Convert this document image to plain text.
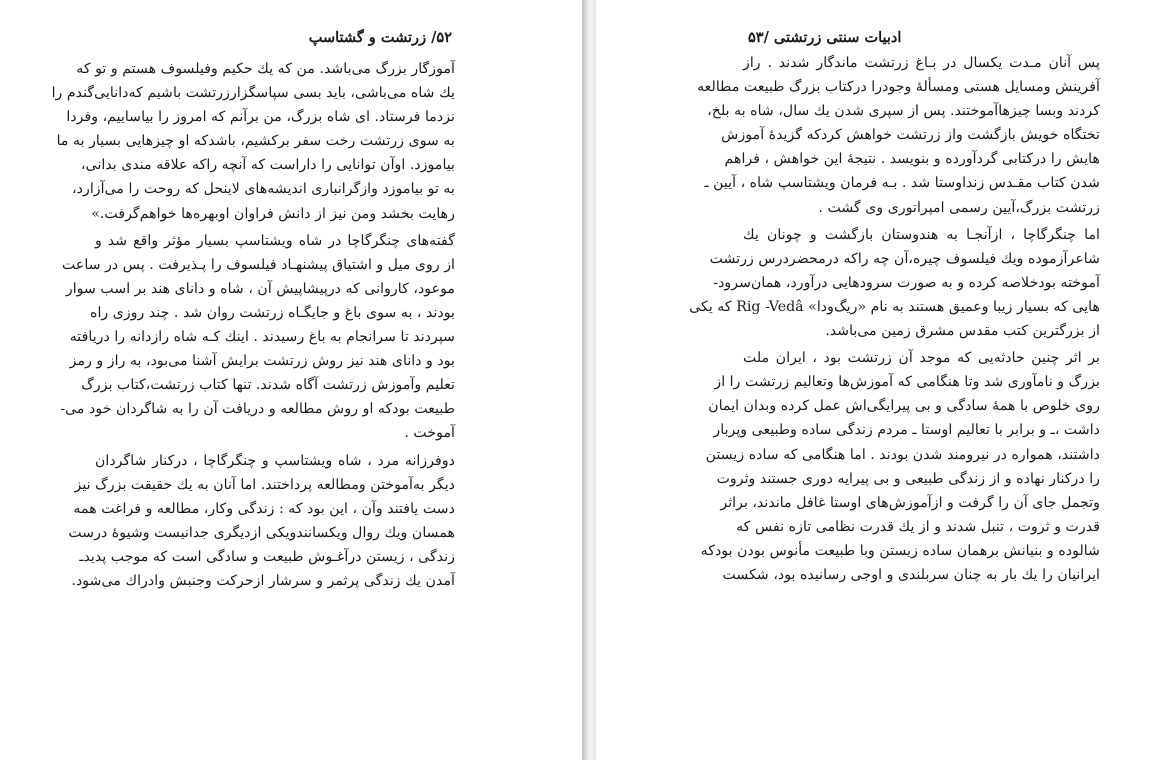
۵۲/ زرتشت و گشتاسپ	ادبیات سنتی زرتشتی /۵۳
آموزگار بزرگ می‌باشد. من که یك حکیم وفیلسوف هستم و تو که
یك شاه می‌باشی، باید بسی سپاسگزارزرتشت باشیم که‌دانایی‌گندم را
نزدما فرستاد. ای شاه بزرگ، من برآنم که امروز را بیاساییم، وفردا
به سوی زرتشت رخت سفر برکشیم، باشدکه او چیزهایی بسیار به ما
بیاموزد. اوآن توانایی را داراست که آنچه راکه علاقه مندی بدانی،
به تو بیاموزد وازگرانباری اندیشه‌های لاینحل که روحت را می‌آزارد،
رهایت بخشد ومن نیز از دانش فراوان اوبهره‌ها خواهم‌گرفت.»
گفته‌های چنگرگاچا در شاه ویشتاسپ بسیار مؤثر واقع شد و
از روی میل و اشتیاق پیشنهـاد فیلسوف را پـذیرفت . پس در ساعت
موعود، کاروانی که درپیشاپیش آن ، شاه و دانای هند بر اسب سوار
بودند ، به سوی باغ و جایگـاه زرتشت روان شد . چند روزی راه
سپردند تا سرانجام به باغ رسیدند . اینك کـه شاه رازدانه را دریافته
بود و دانای هند نیز روش زرتشت برایش آشنا می‌بود، به راز و رمز
تعلیم وآموزش زرتشت آگاه شدند. تنها کتاب زرتشت،کتاب بزرگ
طبیعت بودکه او روش مطالعه و دریافت آن را به شاگردان خود می-
آموخت .
دوفرزانه مرد ، شاه ویشتاسپ و چنگرگاچا ، درکنار شاگردان
دیگر به‌آموختن ومطالعه پرداختند. اما آنان به یك حقیقت بزرگ نیز
دست یافتند وآن ، این بود که : زندگی وکار، مطالعه و فراغت همه
همسان ویك روال ویکسانندویکی ازدیگری جدانیست وشیوهٔ درست
زندگی ، زیستن درآغـوش طبیعت و سادگی است که موجب پدیدـ
آمدن یك زندگی پرثمر و سرشار ازحرکت وجنبش وادراك می‌شود.
پس آنان مـدت یکسال در بـاغ زرتشت ماندگار شدند . راز
آفرینش ومسایل هستی ومسألهٔ وجودرا درکتاب بزرگ طبیعت مطالعه
کردند وبسا چیزهاآموختند. پس از سپری شدن یك سال، شاه به بلخ،
تختگاه خویش بازگشت واز زرتشت خواهش کردکه گزیدهٔ آموزش
هایش را درکتابی گردآورده و بنویسد . نتیجهٔ این خواهش ، فراهم
شدن کتاب مقـدس زنداوستا شد . بـه فرمان ویشتاسپ شاه ، آیین ـ
زرتشت بزرگ،آیین رسمی امپراتوری وی گشت .
اما چنگرگاچا ، ازآنجـا به هندوستان بازگشت و چونان یك
شاعرآزموده ویك فیلسوف چیره،آن چه راکه درمحضردرس زرتشت
آموخته بودخلاصه کرده و به صورت سرودهایی درآورد، همان‌سرود-
هایی که بسیار زیبا وعمیق هستند به نام «ریگ‌ودا» Rig -Vedâ که یکی
از بزرگترین کتب مقدس مشرق زمین می‌باشد.
بر اثر چنین حادثه‌یی که موجد آن زرتشت بود ، ایران ملت
بزرگ و نامآوری شد وتا هنگامی که آموزش‌ها وتعالیم زرتشت را از
روی خلوص با همهٔ سادگی و بی پیرایگی‌اش عمل کرده وبدان ایمان
داشت ،ـ و برابر با تعالیم اوستا ـ مردم زندگی ساده وطبیعی وپربار
داشتند، همواره در نیرومند شدن بودند . اما هنگامی که ساده زیستن
را درکنار نهاده و از زندگی طبیعی و بی پیرایه دوری جستند وثروت
وتجمل جای آن را گرفت و ازآموزش‌های اوستا غافل ماندند، براثر
قدرت و ثروت ، تنبل شدند و از یك قدرت نظامی تازه نفس که
شالوده و بنیانش برهمان ساده زیستن وبا طبیعت مأنوس بودن بودکه
ایرانیان را یك بار به چنان سربلندی و اوجی رسانیده بود، شکست
